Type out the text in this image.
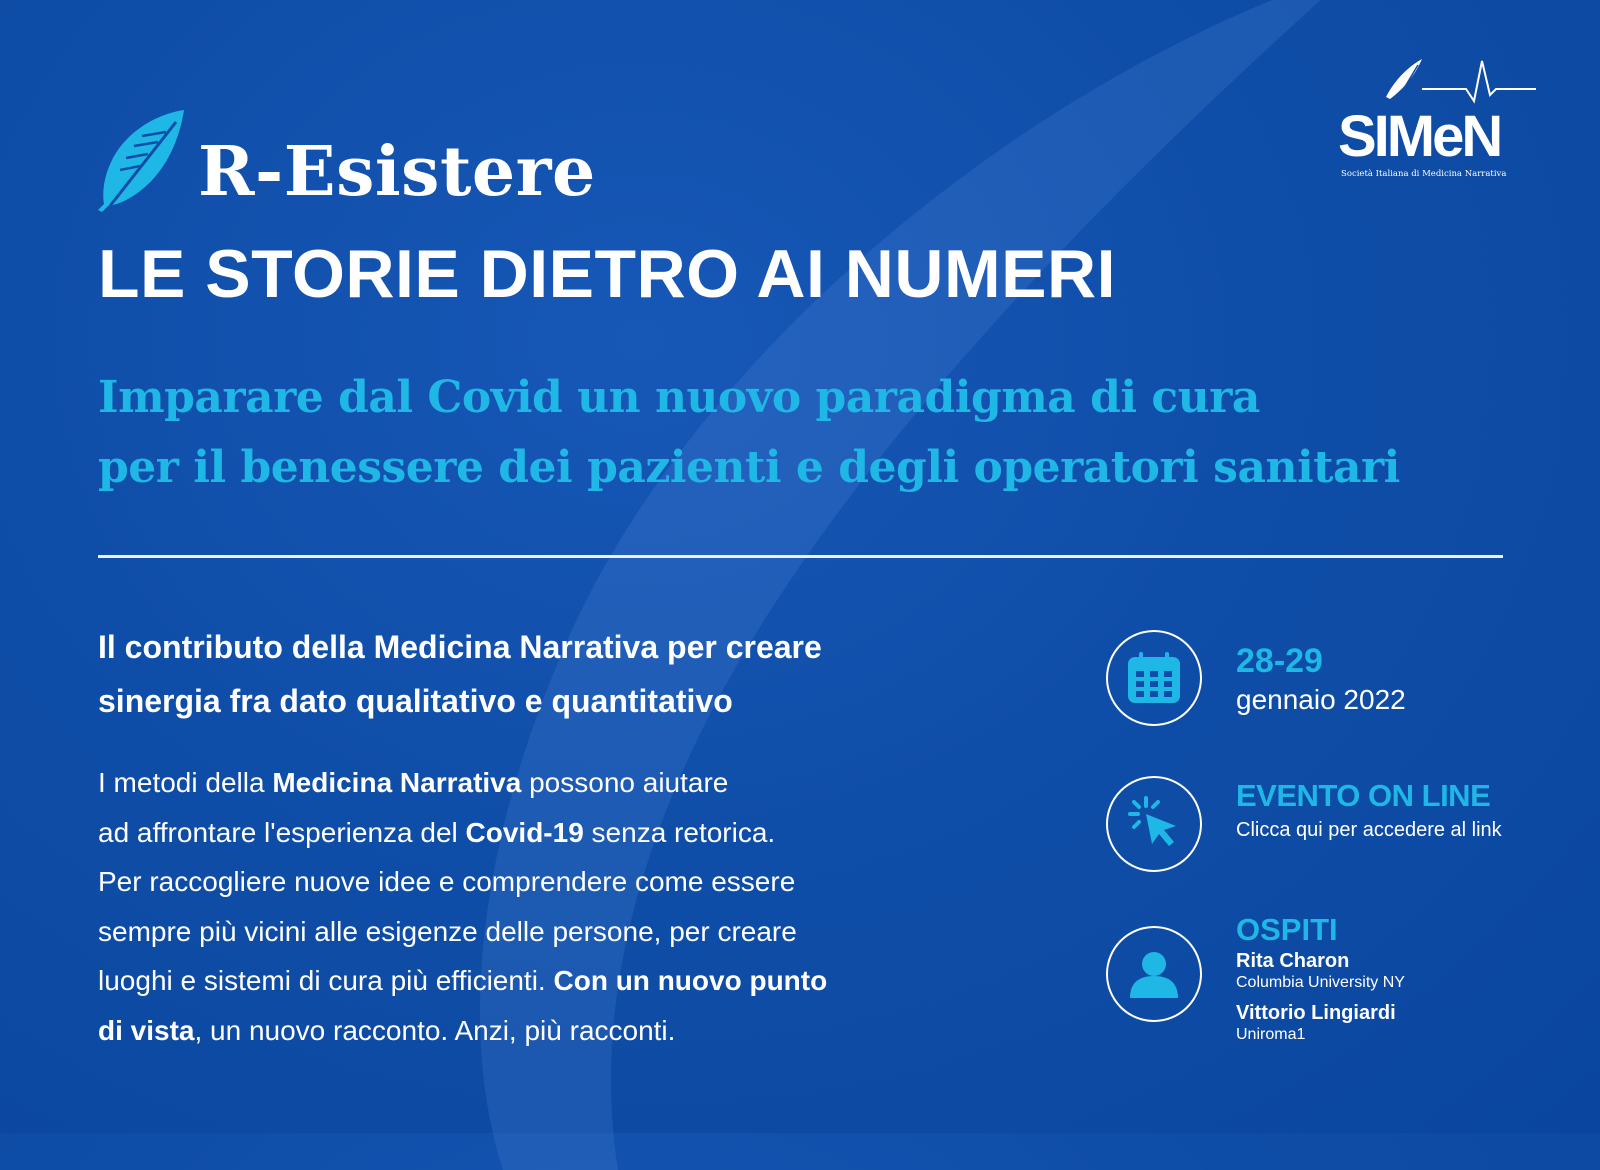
R-Esistere	SIMeN
Società Italiana di Medicina Narrativa
LE STORIE DIETRO AI NUMERI
Imparare dal Covid un nuovo paradigma di cura
per il benessere dei pazienti e degli operatori sanitari
Il contributo della Medicina Narrativa per creare
sinergia fra dato qualitativo e quantitativo
I metodi della Medicina Narrativa possono aiutare
ad affrontare l'esperienza del Covid-19 senza retorica.
Per raccogliere nuove idee e comprendere come essere
sempre più vicini alle esigenze delle persone, per creare
luoghi e sistemi di cura più efficienti. Con un nuovo punto
di vista, un nuovo racconto. Anzi, più racconti.
28-29
gennaio 2022
EVENTO ON LINE
Clicca qui per accedere al link
OSPITI
Rita Charon
Columbia University NY
Vittorio Lingiardi
Uniroma1
